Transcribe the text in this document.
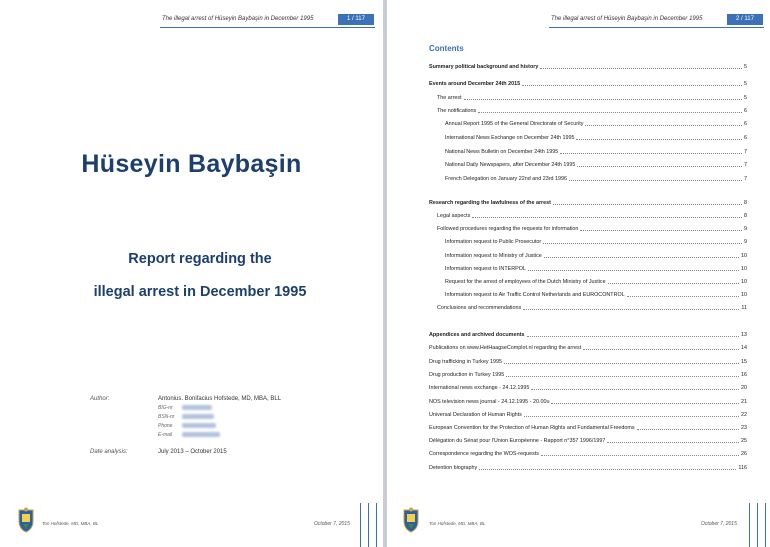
The illegal arrest of Hüseyin Baybaşin in December 1995	1 / 117
Hüseyin Baybaşin
Report regarding the
illegal arrest in December 1995
Author:	Antonius. Bonifacius Hofstede, MD, MBA, BLL
BIG-nr
BSN-nr
Phone
E-mail
Date analysis:	July 2013 – October 2015
Ton Hofstede, MD, MBA, BL	October 7, 2015
The illegal arrest of Hüseyin Baybaşin in December 1995	2 / 117
Contents
Summary political background and history	5
Events around December 24th 2015	5
The arrest	5
The notifications	6
Annual Report 1995 of the General Directorate of Security	6
International News Exchange on December 24th 1995	6
National News Bulletin on December 24th 1995	7
National Daily Newspapers, after December 24th 1995	7
French Delegation on January 22nd and 23rd 1996	7
Research regarding the lawfulness of the arrest	8
Legal aspects	8
Followed procedures regarding the requests for information	9
Information request to Public Prosecutor	9
Information request to Ministry of Justice	10
Information request to INTERPOL	10
Request for the arrest of employees of the Dutch Ministry of Justice	10
Information request to Air Traffic Control Netherlands and EUROCONTROL	10
Conclusions and recommendations	11
Appendices and archived documents	13
Publications on www.HetHaagseComplot.nl regarding the arrest	14
Drug trafficking in Turkey 1995	15
Drug production in Turkey 1995	16
International news exchange - 24.12.1995	20
NOS television news journal - 24.12.1995 - 20.00u	21
Universal Declaration of Human Rights	22
European Convention for the Protection of Human Rights and Fundamental Freedoms	23
Délégation du Sénat pour l'Union Européenne - Rapport n°357 1996/1997	25
Correspondence regarding the WOS-requests	26
Detention biography	116
Ton Hofstede, MD, MBA, BL	October 7, 2015
